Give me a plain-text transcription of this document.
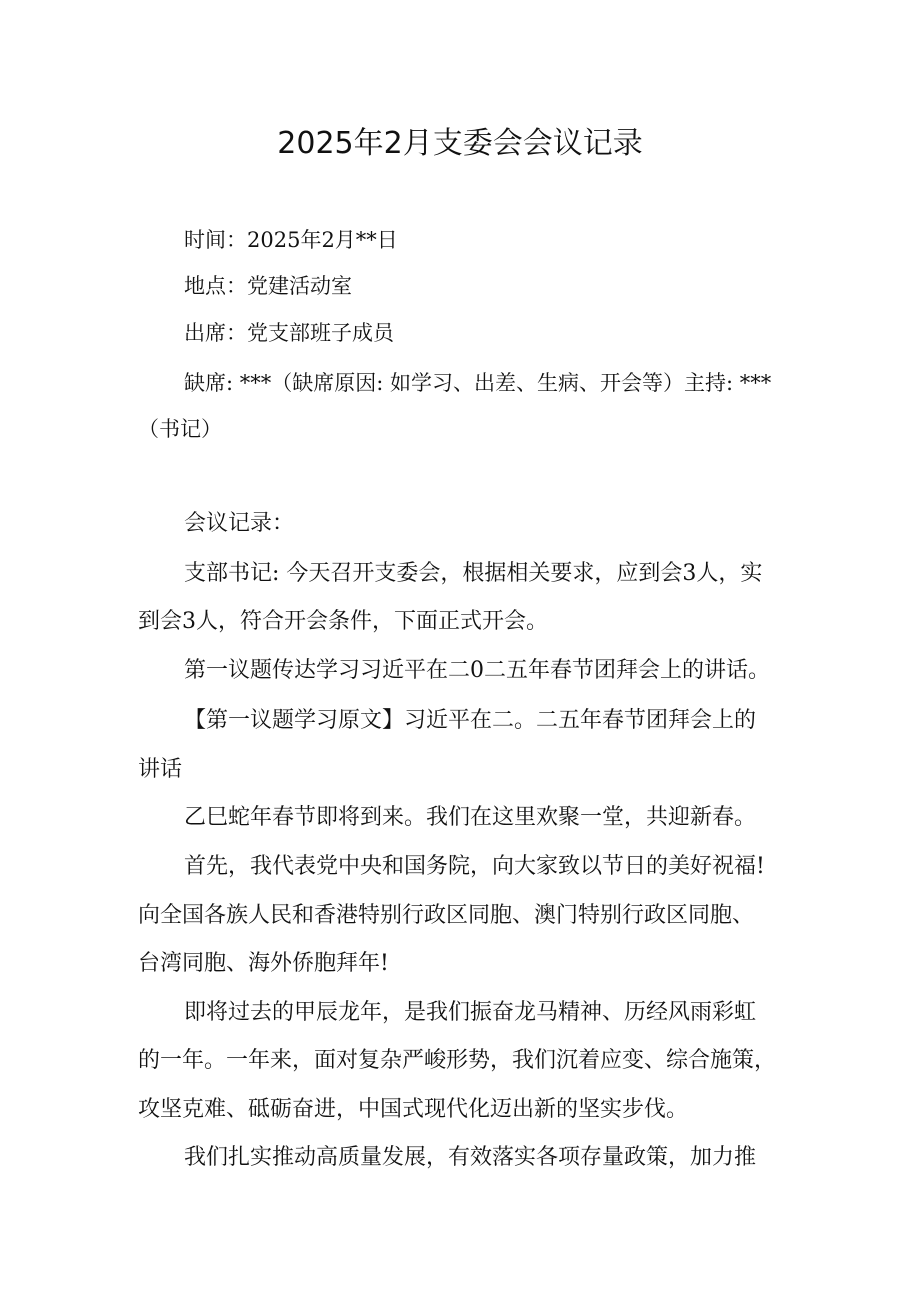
2025年2月支委会会议记录
时间：2025年2月**日
地点：党建活动室
出席：党支部班子成员
缺席: ***（缺席原因: 如学习、出差、生病、开会等）主持: ***
（书记）
会议记录：
支部书记: 今天召开支委会，根据相关要求，应到会3人，实
到会3人，符合开会条件，下面正式开会。
第一议题传达学习习近平在二0二五年春节团拜会上的讲话。
【第一议题学习原文】习近平在二。二五年春节团拜会上的
讲话
乙巳蛇年春节即将到来。我们在这里欢聚一堂，共迎新春。
首先，我代表党中央和国务院，向大家致以节日的美好祝福!
向全国各族人民和香港特别行政区同胞、澳门特别行政区同胞、
台湾同胞、海外侨胞拜年!
即将过去的甲辰龙年，是我们振奋龙马精神、历经风雨彩虹
的一年。一年来，面对复杂严峻形势，我们沉着应变、综合施策，
攻坚克难、砥砺奋进，中国式现代化迈出新的坚实步伐。
我们扎实推动高质量发展，有效落实各项存量政策，加力推
